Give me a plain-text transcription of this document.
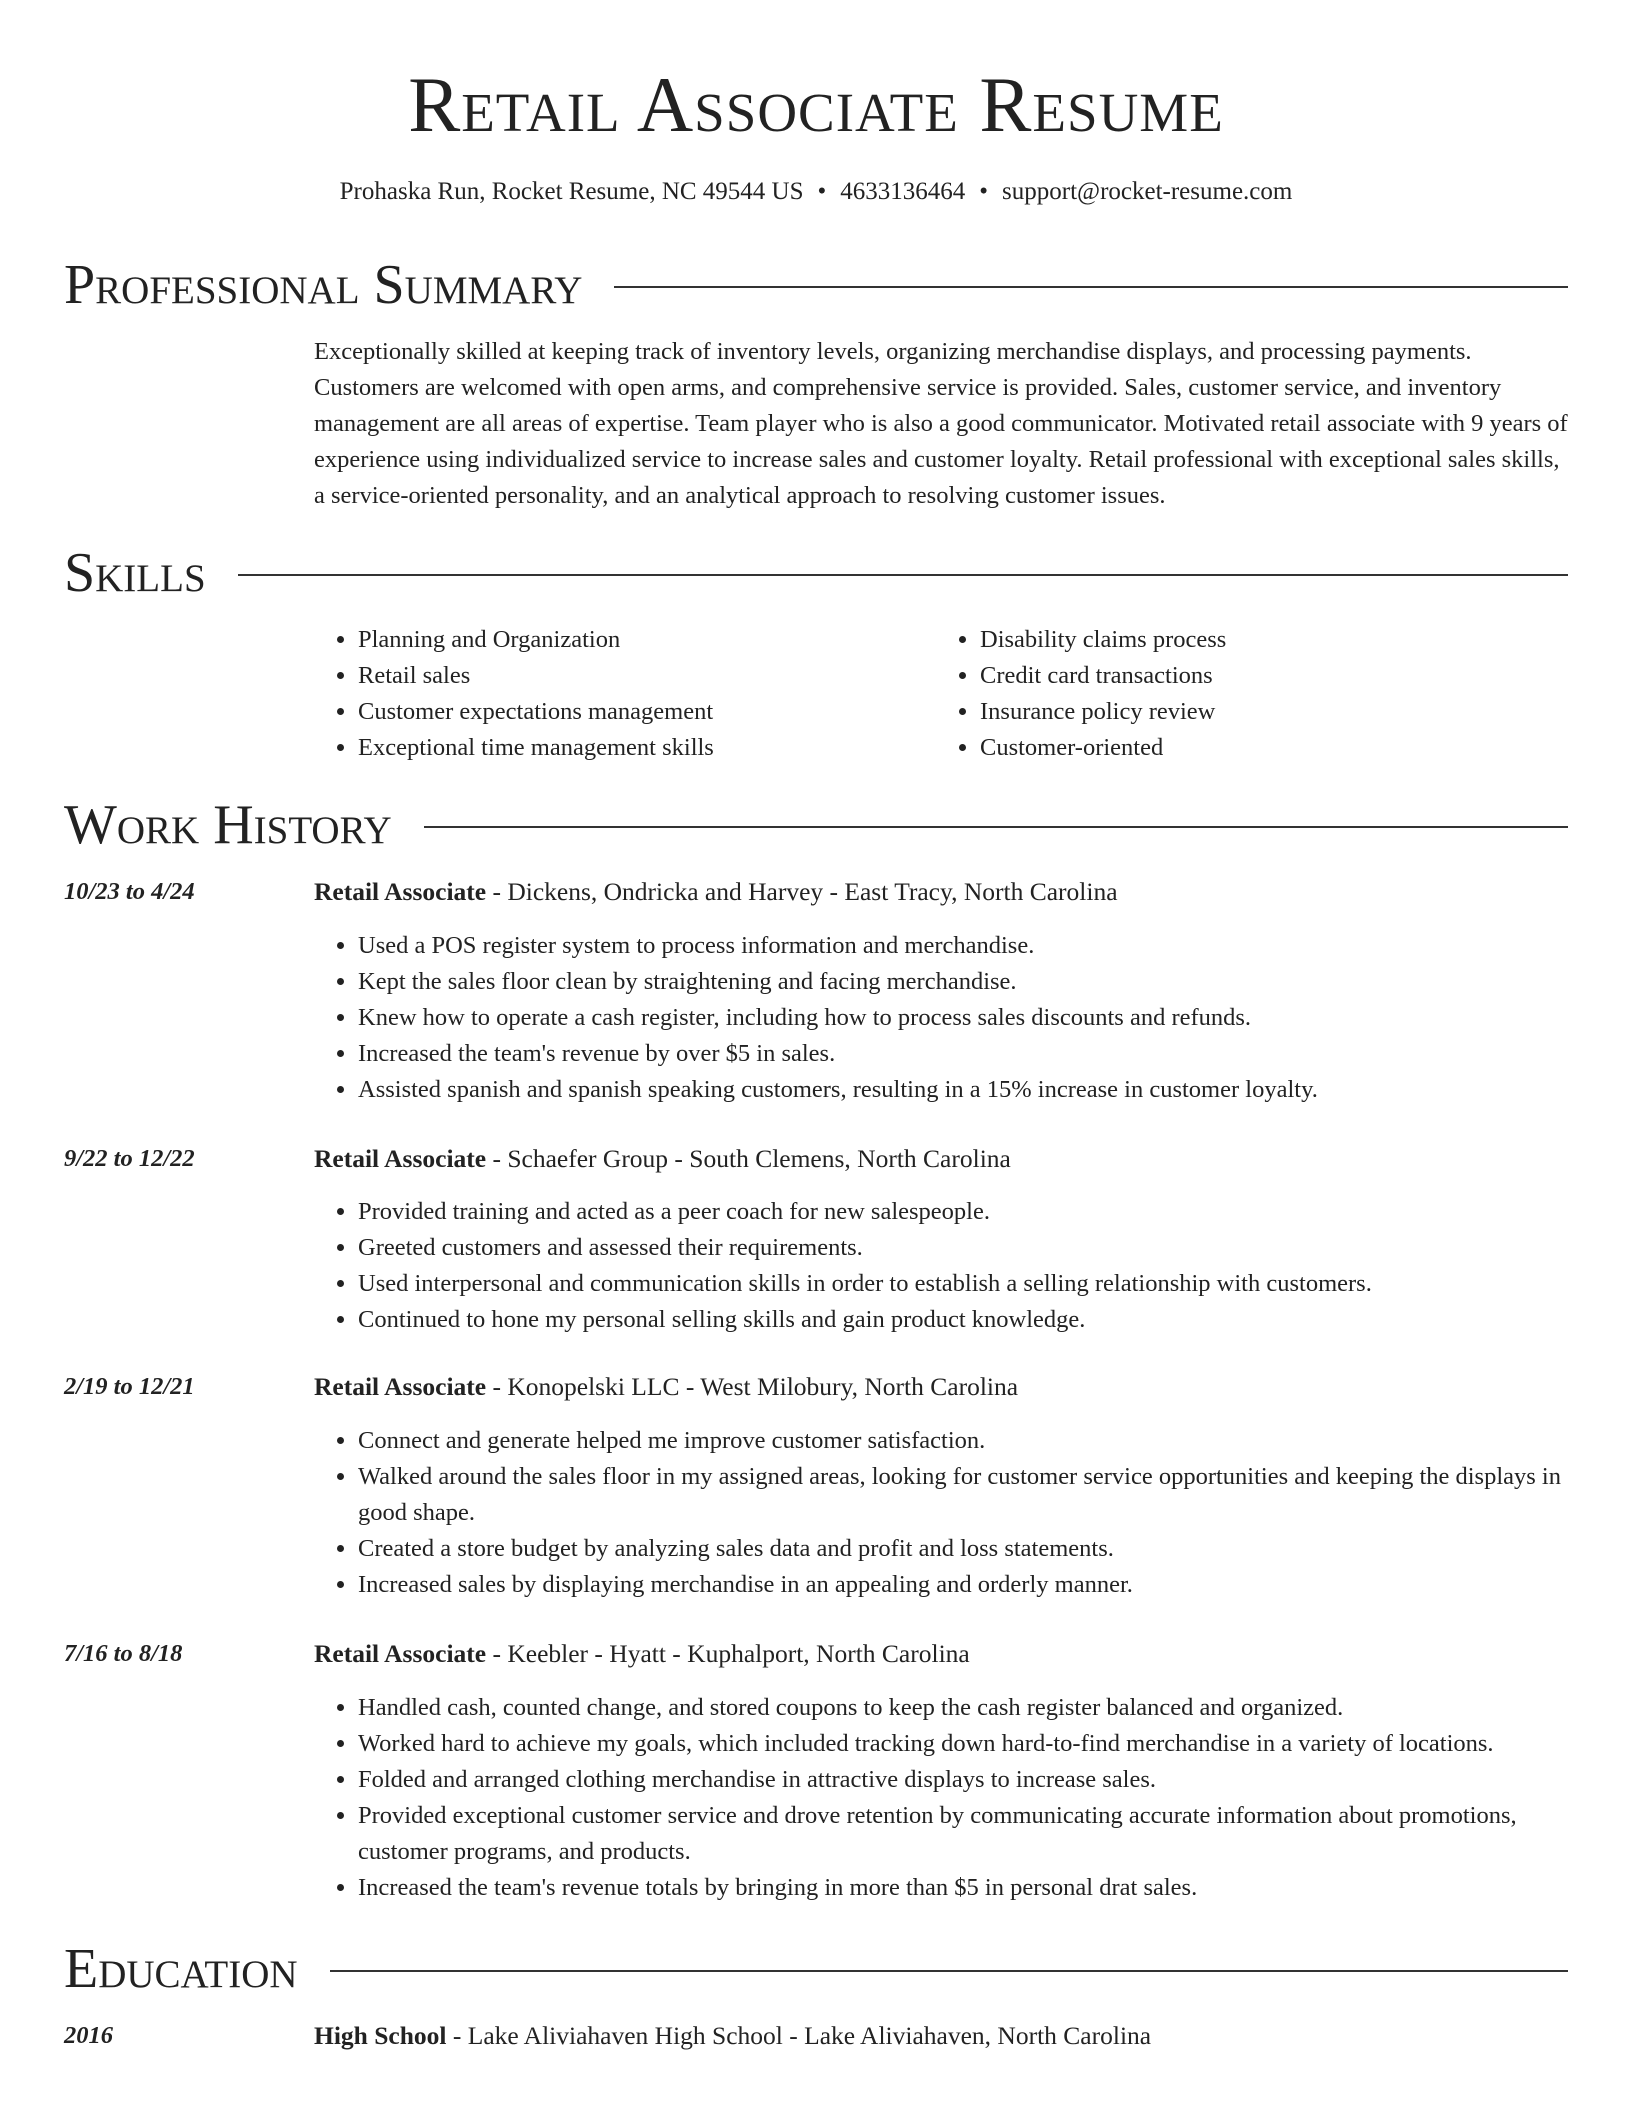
Retail Associate Resume
Prohaska Run, Rocket Resume, NC 49544 US • 4633136464 • support@rocket-resume.com
Professional Summary
Exceptionally skilled at keeping track of inventory levels, organizing merchandise displays, and processing payments. Customers are welcomed with open arms, and comprehensive service is provided. Sales, customer service, and inventory management are all areas of expertise. Team player who is also a good communicator. Motivated retail associate with 9 years of experience using individualized service to increase sales and customer loyalty. Retail professional with exceptional sales skills, a service-oriented personality, and an analytical approach to resolving customer issues.
Skills
• Planning and Organization
• Retail sales
• Customer expectations management
• Exceptional time management skills
• Disability claims process
• Credit card transactions
• Insurance policy review
• Customer-oriented
Work History
10/23 to 4/24	Retail Associate - Dickens, Ondricka and Harvey - East Tracy, North Carolina
• Used a POS register system to process information and merchandise.
• Kept the sales floor clean by straightening and facing merchandise.
• Knew how to operate a cash register, including how to process sales discounts and refunds.
• Increased the team's revenue by over $5 in sales.
• Assisted spanish and spanish speaking customers, resulting in a 15% increase in customer loyalty.
9/22 to 12/22	Retail Associate - Schaefer Group - South Clemens, North Carolina
• Provided training and acted as a peer coach for new salespeople.
• Greeted customers and assessed their requirements.
• Used interpersonal and communication skills in order to establish a selling relationship with customers.
• Continued to hone my personal selling skills and gain product knowledge.
2/19 to 12/21	Retail Associate - Konopelski LLC - West Milobury, North Carolina
• Connect and generate helped me improve customer satisfaction.
• Walked around the sales floor in my assigned areas, looking for customer service opportunities and keeping the displays in good shape.
• Created a store budget by analyzing sales data and profit and loss statements.
• Increased sales by displaying merchandise in an appealing and orderly manner.
7/16 to 8/18	Retail Associate - Keebler - Hyatt - Kuphalport, North Carolina
• Handled cash, counted change, and stored coupons to keep the cash register balanced and organized.
• Worked hard to achieve my goals, which included tracking down hard-to-find merchandise in a variety of locations.
• Folded and arranged clothing merchandise in attractive displays to increase sales.
• Provided exceptional customer service and drove retention by communicating accurate information about promotions, customer programs, and products.
• Increased the team's revenue totals by bringing in more than $5 in personal drat sales.
Education
2016	High School - Lake Aliviahaven High School - Lake Aliviahaven, North Carolina
